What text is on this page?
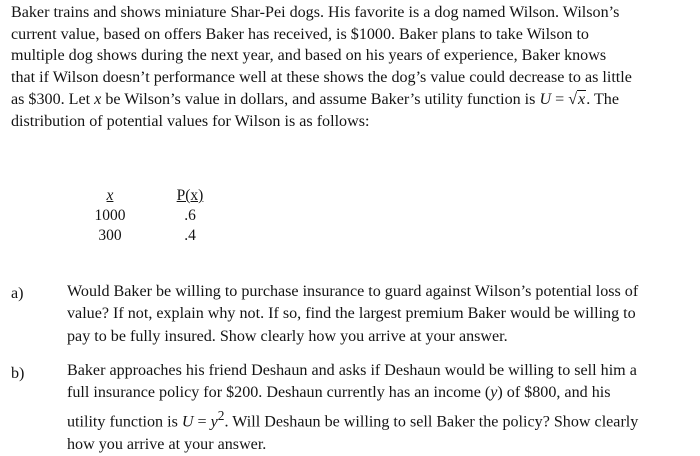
Baker trains and shows miniature Shar-Pei dogs. His favorite is a dog named Wilson. Wilson’s
current value, based on offers Baker has received, is $1000. Baker plans to take Wilson to
multiple dog shows during the next year, and based on his years of experience, Baker knows
that if Wilson doesn’t performance well at these shows the dog’s value could decrease to as little
as $300. Let x be Wilson’s value in dollars, and assume Baker’s utility function is U = √x. The
distribution of potential values for Wilson is as follows:
x
1000
300
P(x)
.6
.4
a)	Would Baker be willing to purchase insurance to guard against Wilson’s potential loss of
value? If not, explain why not. If so, find the largest premium Baker would be willing to
pay to be fully insured. Show clearly how you arrive at your answer.
b)	Baker approaches his friend Deshaun and asks if Deshaun would be willing to sell him a
full insurance policy for $200. Deshaun currently has an income (y) of $800, and his
utility function is $U = y^2$. Will Deshaun be willing to sell Baker the policy? Show clearly
how you arrive at your answer.
